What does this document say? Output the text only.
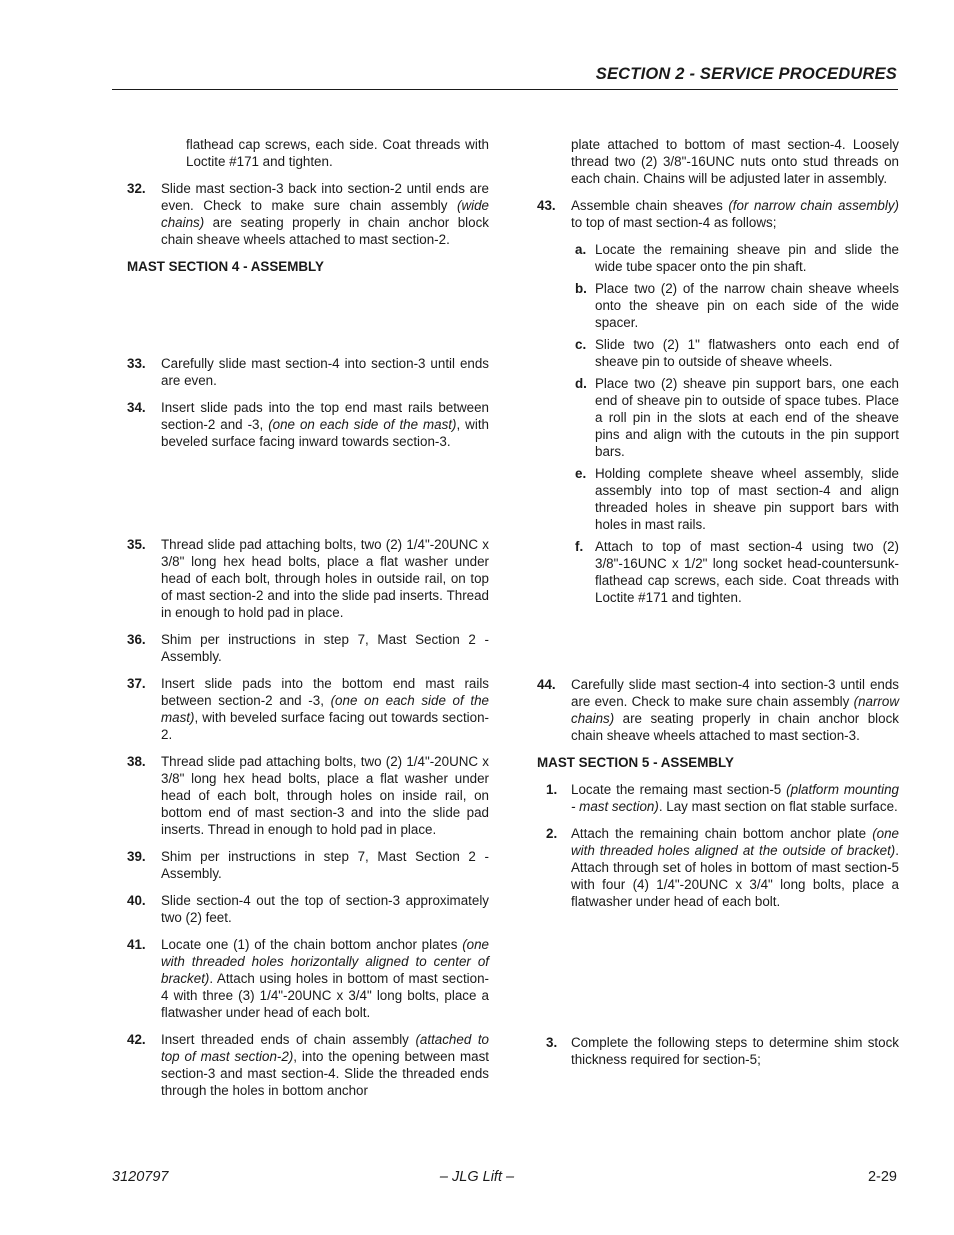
SECTION 2 - SERVICE PROCEDURES
flathead cap screws, each side. Coat threads with Loctite #171 and tighten.
32. Slide mast section-3 back into section-2 until ends are even. Check to make sure chain assembly (wide chains) are seating properly in chain anchor block chain sheave wheels attached to mast section-2.
MAST SECTION 4 - ASSEMBLY
33. Carefully slide mast section-4 into section-3 until ends are even.
34. Insert slide pads into the top end mast rails between section-2 and -3, (one on each side of the mast), with beveled surface facing inward towards section-3.
35. Thread slide pad attaching bolts, two (2) 1/4"-20UNC x 3/8" long hex head bolts, place a flat washer under head of each bolt, through holes in outside rail, on top of mast section-2 and into the slide pad inserts. Thread in enough to hold pad in place.
36. Shim per instructions in step 7, Mast Section 2 - Assembly.
37. Insert slide pads into the bottom end mast rails between section-2 and -3, (one on each side of the mast), with beveled surface facing out towards section-2.
38. Thread slide pad attaching bolts, two (2) 1/4"-20UNC x 3/8" long hex head bolts, place a flat washer under head of each bolt, through holes on inside rail, on bottom end of mast section-3 and into the slide pad inserts. Thread in enough to hold pad in place.
39. Shim per instructions in step 7, Mast Section 2 - Assembly.
40. Slide section-4 out the top of section-3 approximately two (2) feet.
41. Locate one (1) of the chain bottom anchor plates (one with threaded holes horizontally aligned to center of bracket). Attach using holes in bottom of mast section-4 with three (3) 1/4"-20UNC x 3/4" long bolts, place a flatwasher under head of each bolt.
42. Insert threaded ends of chain assembly (attached to top of mast section-2), into the opening between mast section-3 and mast section-4. Slide the threaded ends through the holes in bottom anchor
plate attached to bottom of mast section-4. Loosely thread two (2) 3/8"-16UNC nuts onto stud threads on each chain. Chains will be adjusted later in assembly.
43. Assemble chain sheaves (for narrow chain assembly) to top of mast section-4 as follows;
a. Locate the remaining sheave pin and slide the wide tube spacer onto the pin shaft.
b. Place two (2) of the narrow chain sheave wheels onto the sheave pin on each side of the wide spacer.
c. Slide two (2) 1" flatwashers onto each end of sheave pin to outside of sheave wheels.
d. Place two (2) sheave pin support bars, one each end of sheave pin to outside of space tubes. Place a roll pin in the slots at each end of the sheave pins and align with the cutouts in the pin support bars.
e. Holding complete sheave wheel assembly, slide assembly into top of mast section-4 and align threaded holes in sheave pin support bars with holes in mast rails.
f. Attach to top of mast section-4 using two (2) 3/8"-16UNC x 1/2" long socket head-countersunk-flathead cap screws, each side. Coat threads with Loctite #171 and tighten.
44. Carefully slide mast section-4 into section-3 until ends are even. Check to make sure chain assembly (narrow chains) are seating properly in chain anchor block chain sheave wheels attached to mast section-3.
MAST SECTION 5 - ASSEMBLY
1. Locate the remaing mast section-5 (platform mounting - mast section). Lay mast section on flat stable surface.
2. Attach the remaining chain bottom anchor plate (one with threaded holes aligned at the outside of bracket). Attach through set of holes in bottom of mast section-5 with four (4) 1/4"-20UNC x 3/4" long bolts, place a flatwasher under head of each bolt.
3. Complete the following steps to determine shim stock thickness required for section-5;
3120797	– JLG Lift –	2-29
